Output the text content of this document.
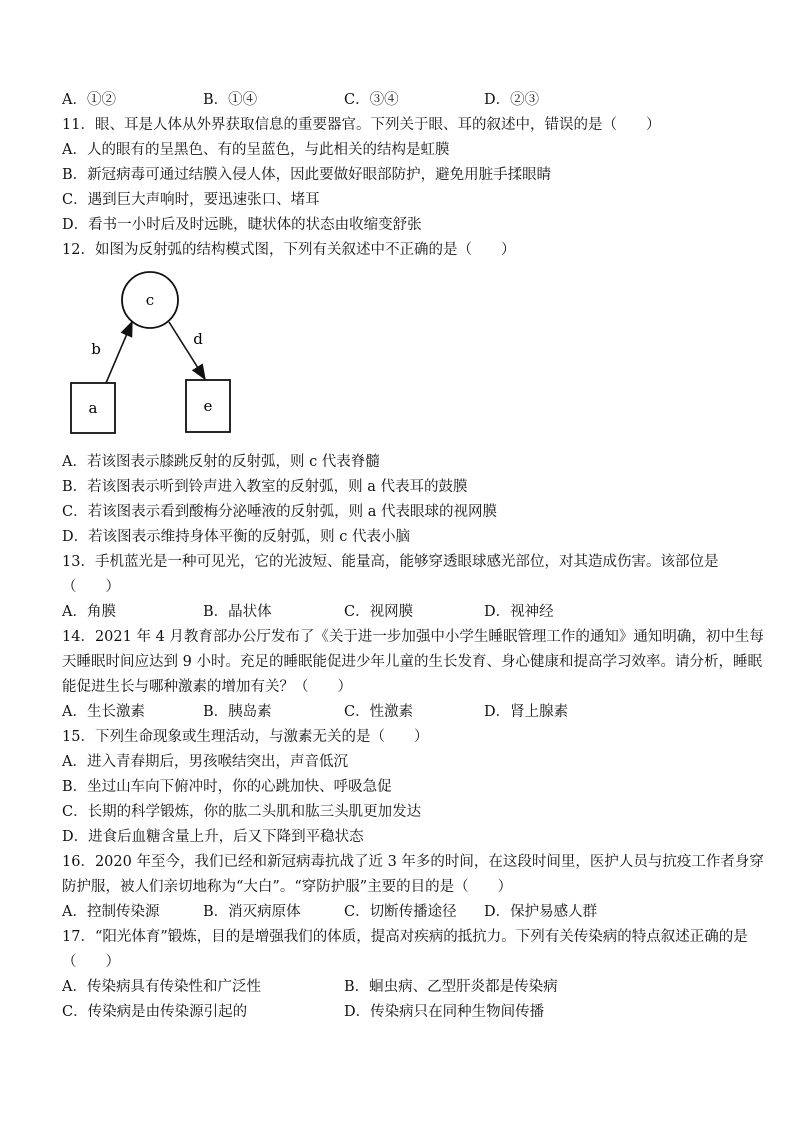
A．①②	B．①④	C．③④	D．②③
11．眼、耳是人体从外界获取信息的重要器官。下列关于眼、耳的叙述中，错误的是（　　）
A．人的眼有的呈黑色、有的呈蓝色，与此相关的结构是虹膜
B．新冠病毒可通过结膜入侵人体，因此要做好眼部防护，避免用脏手揉眼睛
C．遇到巨大声响时，要迅速张口、堵耳
D．看书一小时后及时远眺，睫状体的状态由收缩变舒张
12．如图为反射弧的结构模式图，下列有关叙述中不正确的是（　　）
c
a	e
b
d
A．若该图表示膝跳反射的反射弧，则 c 代表脊髓
B．若该图表示听到铃声进入教室的反射弧，则 a 代表耳的鼓膜
C．若该图表示看到酸梅分泌唾液的反射弧，则 a 代表眼球的视网膜
D．若该图表示维持身体平衡的反射弧，则 c 代表小脑
13．手机蓝光是一种可见光，它的光波短、能量高，能够穿透眼球感光部位，对其造成伤害。该部位是
（　　）
A．角膜	B．晶状体	C．视网膜	D．视神经
14．2021 年 4 月教育部办公厅发布了《关于进一步加强中小学生睡眠管理工作的通知》通知明确，初中生每
天睡眠时间应达到 9 小时。充足的睡眠能促进少年儿童的生长发育、身心健康和提高学习效率。请分析，睡眠
能促进生长与哪种激素的增加有关？（　　）
A．生长激素	B．胰岛素	C．性激素	D．肾上腺素
15．下列生命现象或生理活动，与激素无关的是（　　）
A．进入青春期后，男孩喉结突出，声音低沉
B．坐过山车向下俯冲时，你的心跳加快、呼吸急促
C．长期的科学锻炼，你的肱二头肌和肱三头肌更加发达
D．进食后血糖含量上升，后又下降到平稳状态
16．2020 年至今，我们已经和新冠病毒抗战了近 3 年多的时间，在这段时间里，医护人员与抗疫工作者身穿
防护服，被人们亲切地称为“大白”。“穿防护服”主要的目的是（　　）
A．控制传染源	B．消灭病原体	C．切断传播途径 D．保护易感人群
17．“阳光体育”锻炼，目的是增强我们的体质，提高对疾病的抵抗力。下列有关传染病的特点叙述正确的是
（　　）
A．传染病具有传染性和广泛性	B．蛔虫病、乙型肝炎都是传染病
C．传染病是由传染源引起的	D．传染病只在同种生物间传播
